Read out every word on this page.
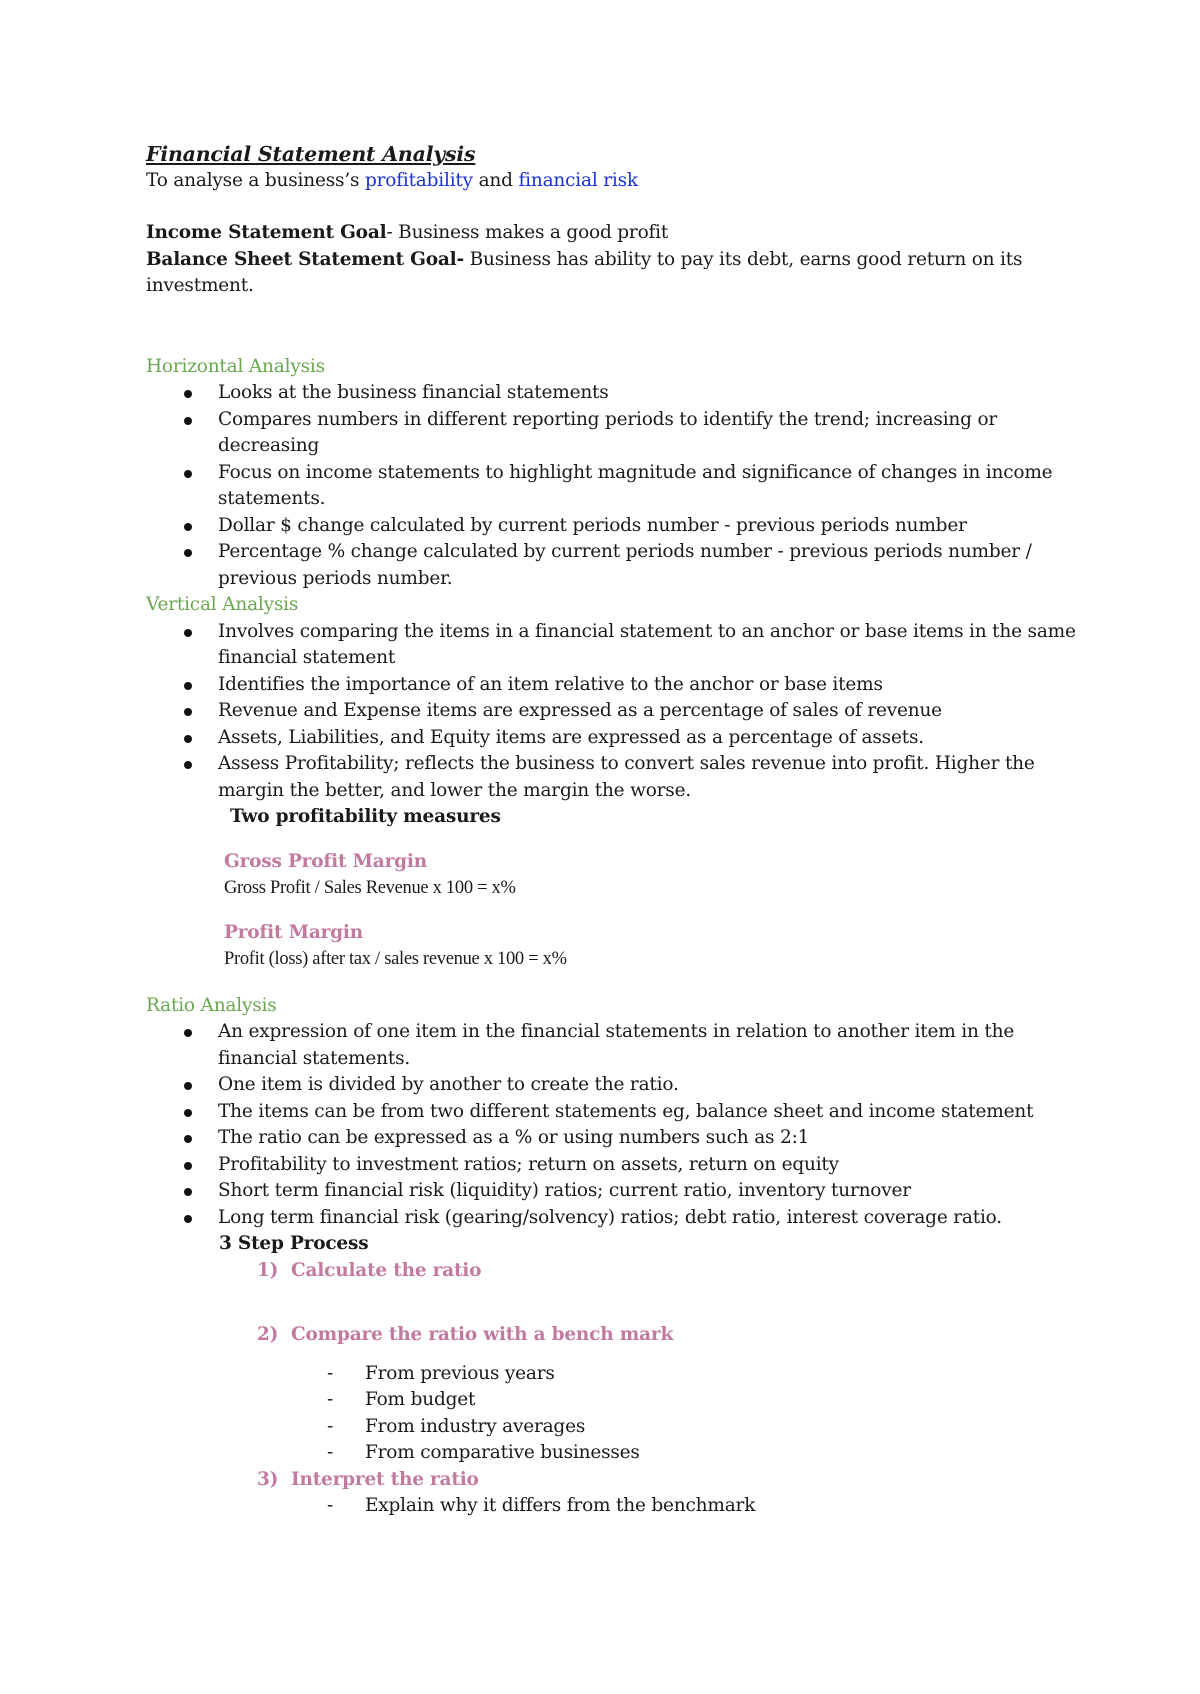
Financial Statement Analysis

To analyse a business’s profitability and financial risk

Income Statement Goal- Business makes a good profit

Balance Sheet Statement Goal- Business has ability to pay its debt, earns good return on its investment.

Horizontal Analysis

Looks at the business financial statements
Compares numbers in different reporting periods to identify the trend; increasing or decreasing
Focus on income statements to highlight magnitude and significance of changes in income statements.
Dollar $ change calculated by current periods number - previous periods number
Percentage % change calculated by current periods number - previous periods number / previous periods number.

Vertical Analysis

Involves comparing the items in a financial statement to an anchor or base items in the same financial statement
Identifies the importance of an item relative to the anchor or base items
Revenue and Expense items are expressed as a percentage of sales of revenue
Assets, Liabilities, and Equity items are expressed as a percentage of assets.
Assess Profitability; reflects the business to convert sales revenue into profit. Higher the margin the better, and lower the margin the worse.

Two profitability measures

Gross Profit Margin

Gross Profit / Sales Revenue x 100 = x%

Profit Margin

Profit (loss) after tax / sales revenue x 100 = x%

Ratio Analysis

An expression of one item in the financial statements in relation to another item in the financial statements.
One item is divided by another to create the ratio.
The items can be from two different statements eg, balance sheet and income statement
The ratio can be expressed as a % or using numbers such as 2:1
Profitability to investment ratios; return on assets, return on equity
Short term financial risk (liquidity) ratios; current ratio, inventory turnover
Long term financial risk (gearing/solvency) ratios; debt ratio, interest coverage ratio.

3 Step Process

1) Calculate the ratio
2) Compare the ratio with a bench mark
- From previous years
- Fom budget
- From industry averages
- From comparative businesses
3) Interpret the ratio
- Explain why it differs from the benchmark
